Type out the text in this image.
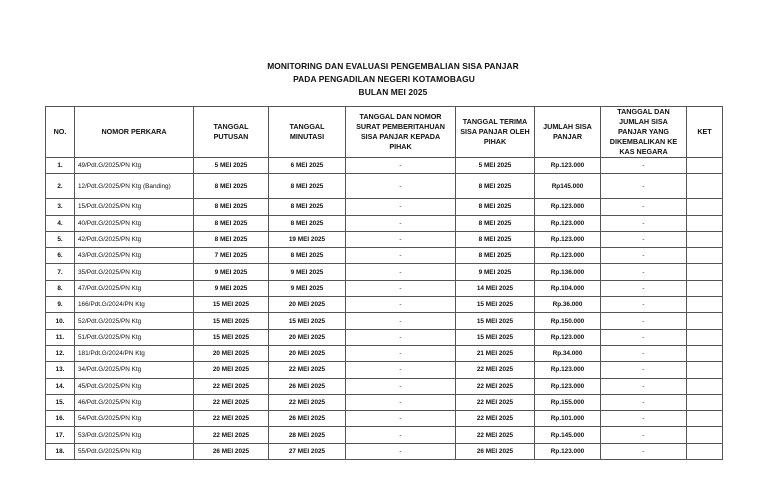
MONITORING DAN EVALUASI PENGEMBALIAN SISA PANJAR
PADA PENGADILAN NEGERI KOTAMOBAGU
BULAN MEI 2025
NO.	NOMOR PERKARA	TANGGAL PUTUSAN	TANGGAL MINUTASI	TANGGAL DAN NOMOR SURAT PEMBERITAHUAN SISA PANJAR KEPADA PIHAK	TANGGAL TERIMA SISA PANJAR OLEH PIHAK	JUMLAH SISA PANJAR	TANGGAL DAN JUMLAH SISA PANJAR YANG DIKEMBALIKAN KE KAS NEGARA	KET
1.	49/Pdt.G/2025/PN Ktg	5 MEI 2025	6 MEI 2025	-	5 MEI 2025	Rp.123.000	-	
2.	12/Pdt.G/2025/PN Ktg (Banding)	8 MEI 2025	8 MEI 2025	-	8 MEI 2025	Rp145.000	-	
3.	15/Pdt.G/2025/PN Ktg	8 MEI 2025	8 MEI 2025	-	8 MEI 2025	Rp.123.000	-	
4.	40/Pdt.G/2025/PN Ktg	8 MEI 2025	8 MEI 2025	-	8 MEI 2025	Rp.123.000	-	
5.	42/Pdt.G/2025/PN Ktg	8 MEI 2025	19 MEI 2025	-	8 MEI 2025	Rp.123.000	-	
6.	43/Pdt.G/2025/PN Ktg	7 MEI 2025	8 MEI 2025	-	8 MEI 2025	Rp.123.000	-	
7.	35/Pdt.G/2025/PN Ktg	9 MEI 2025	9 MEI 2025	-	9 MEI 2025	Rp.136.000	-	
8.	47/Pdt.G/2025/PN Ktg	9 MEI 2025	9 MEI 2025	-	14 MEI 2025	Rp.104.000	-	
9.	166/Pdt.G/2024/PN Ktg	15 MEI 2025	20 MEI 2025	-	15 MEI 2025	Rp.36.000	-	
10.	52/Pdt.G/2025/PN Ktg	15 MEI 2025	15 MEI 2025	-	15 MEI 2025	Rp.150.000	-	
11.	51/Pdt.G/2025/PN Ktg	15 MEI 2025	20 MEI 2025	-	15 MEI 2025	Rp.123.000	-	
12.	181/Pdt.G/2024/PN Ktg	20 MEI 2025	20 MEI 2025	-	21 MEI 2025	Rp.34.000	-	
13.	34/Pdt.G/2025/PN Ktg	20 MEI 2025	22 MEI 2025	-	22 MEI 2025	Rp.123.000	-	
14.	45/Pdt.G/2025/PN Ktg	22 MEI 2025	26 MEI 2025	-	22 MEI 2025	Rp.123.000	-	
15.	46/Pdt.G/2025/PN Ktg	22 MEI 2025	22 MEI 2025	-	22 MEI 2025	Rp.155.000	-	
16.	54/Pdt.G/2025/PN Ktg	22 MEI 2025	26 MEI 2025	-	22 MEI 2025	Rp.101.000	-	
17.	53/Pdt.G/2025/PN Ktg	22 MEI 2025	28 MEI 2025	-	22 MEI 2025	Rp.145.000	-	
18.	55/Pdt.G/2025/PN Ktg	26 MEI 2025	27 MEI 2025	-	26 MEI 2025	Rp.123.000	-	
